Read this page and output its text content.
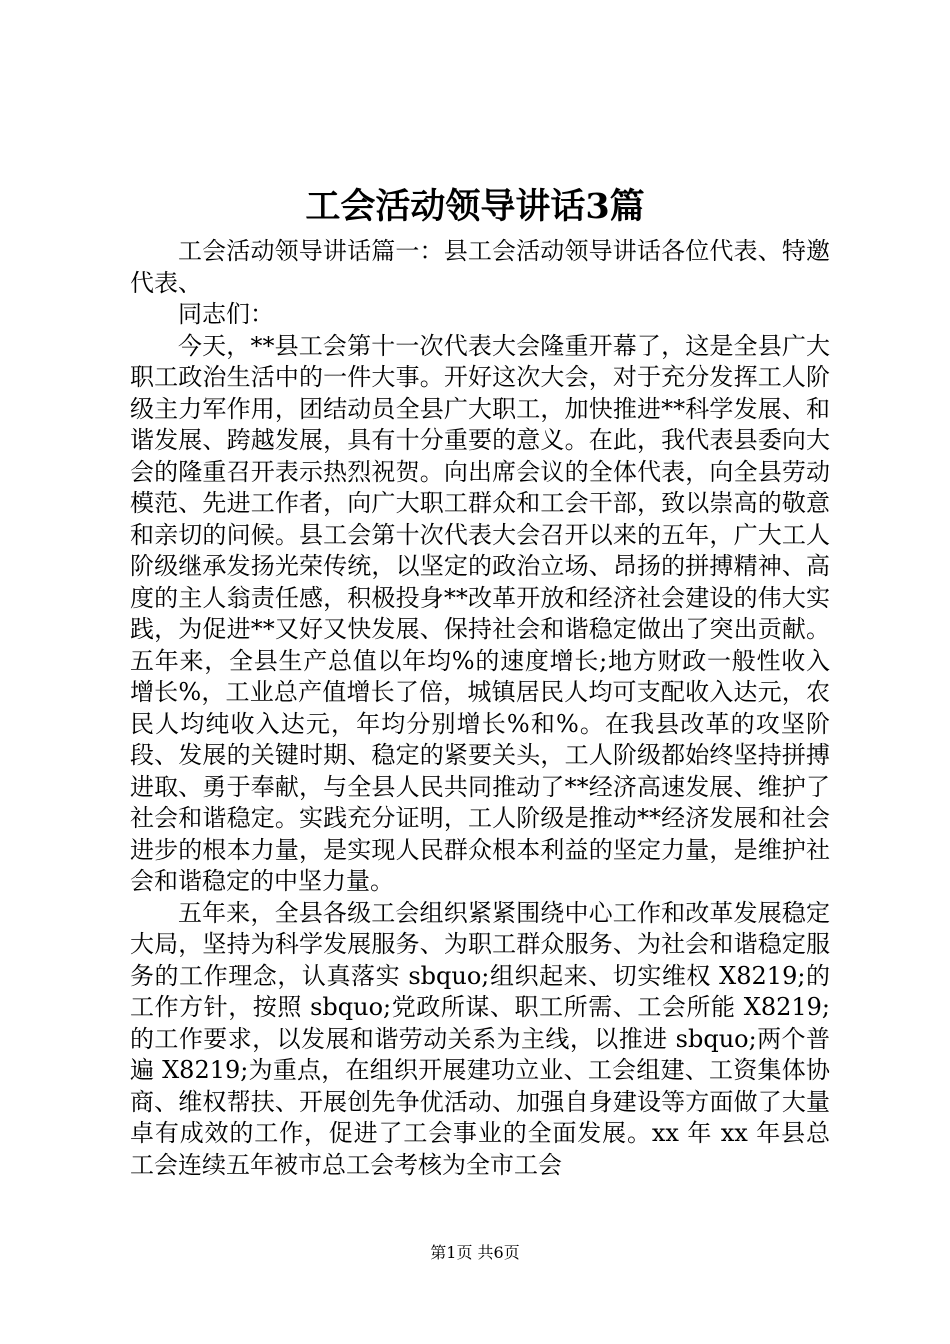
工会活动领导讲话3篇

工会活动领导讲话篇一：县工会活动领导讲话各位代表、特邀代表、

同志们：

今天，**县工会第十一次代表大会隆重开幕了，这是全县广大职工政治生活中的一件大事。开好这次大会，对于充分发挥工人阶级主力军作用，团结动员全县广大职工，加快推进**科学发展、和谐发展、跨越发展，具有十分重要的意义。在此，我代表县委向大会的隆重召开表示热烈祝贺。向出席会议的全体代表，向全县劳动模范、先进工作者，向广大职工群众和工会干部，致以崇高的敬意和亲切的问候。县工会第十次代表大会召开以来的五年，广大工人阶级继承发扬光荣传统，以坚定的政治立场、昂扬的拼搏精神、高度的主人翁责任感，积极投身**改革开放和经济社会建设的伟大实践，为促进**又好又快发展、保持社会和谐稳定做出了突出贡献。五年来，全县生产总值以年均%的速度增长;地方财政一般性收入增长%，工业总产值增长了倍，城镇居民人均可支配收入达元，农民人均纯收入达元，年均分别增长%和%。在我县改革的攻坚阶段、发展的关键时期、稳定的紧要关头，工人阶级都始终坚持拼搏进取、勇于奉献，与全县人民共同推动了**经济高速发展、维护了社会和谐稳定。实践充分证明，工人阶级是推动**经济发展和社会进步的根本力量，是实现人民群众根本利益的坚定力量，是维护社会和谐稳定的中坚力量。

五年来，全县各级工会组织紧紧围绕中心工作和改革发展稳定大局，坚持为科学发展服务、为职工群众服务、为社会和谐稳定服务的工作理念，认真落实 sbquo;组织起来、切实维权 X8219;的工作方针，按照 sbquo;党政所谋、职工所需、工会所能 X8219;的工作要求，以发展和谐劳动关系为主线，以推进 sbquo;两个普遍 X8219;为重点，在组织开展建功立业、工会组建、工资集体协商、维权帮扶、开展创先争优活动、加强自身建设等方面做了大量卓有成效的工作，促进了工会事业的全面发展。xx 年 xx 年县总工会连续五年被市总工会考核为全市工会

第1页 共6页
